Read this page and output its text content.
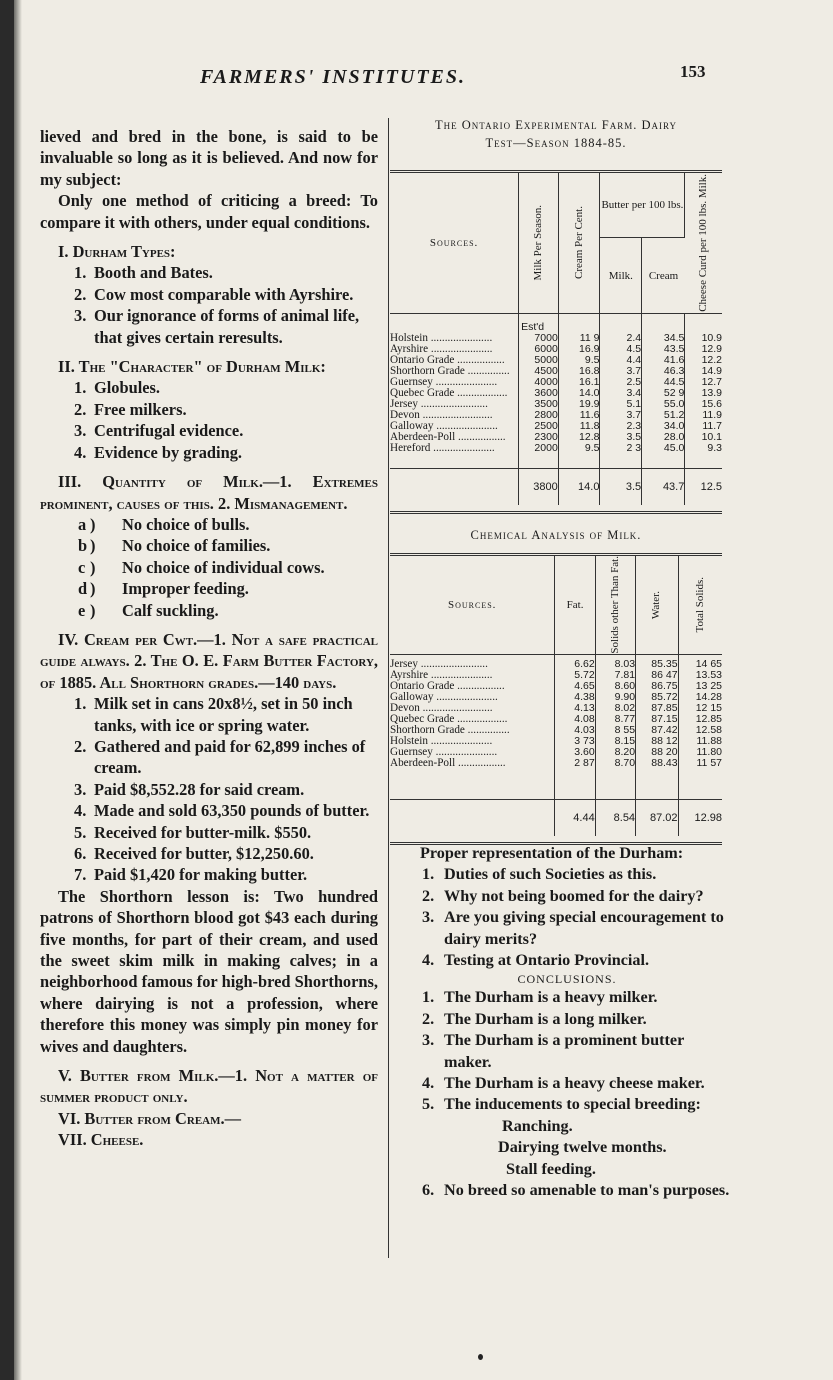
FARMERS' INSTITUTES.	153

lieved and bred in the bone, is said to be invaluable so long as it is believed. And now for my subject:

Only one method of criticing a breed: To compare it with others, under equal conditions.

I. Durham Types:

1. Booth and Bates.
2. Cow most comparable with Ayrshire.
3. Our ignorance of forms of animal life, that gives certain reresults.

II. The "Character" of Durham Milk:

1. Globules.
2. Free milkers.
3. Centrifugal evidence.
4. Evidence by grading.

III. Quantity of Milk.—1. Extremes prominent, causes of this. 2. Mismanagement.

a ) No choice of bulls.
b ) No choice of families.
c ) No choice of individual cows.
d ) Improper feeding.
e ) Calf suckling.

IV. Cream per Cwt.—1. Not a safe practical guide always. 2. The O. E. Farm Butter Factory, of 1885. All Shorthorn grades.—140 days.

1. Milk set in cans 20x8½, set in 50 inch tanks, with ice or spring water.
2. Gathered and paid for 62,899 inches of cream.
3. Paid $8,552.28 for said cream.
4. Made and sold 63,350 pounds of butter.
5. Received for butter-milk. $550.
6. Received for butter, $12,250.60.
7. Paid $1,420 for making butter.

The Shorthorn lesson is: Two hundred patrons of Shorthorn blood got $43 each during five months, for part of their cream, and used the sweet skim milk in making calves; in a neighborhood famous for high-bred Shorthorns, where dairying is not a profession, where therefore this money was simply pin money for wives and daughters.

V. Butter from Milk.—1. Not a matter of summer product only.

VI. Butter from Cream.—

VII. Cheese.

The Ontario Experimental Farm. Dairy
Test—Season 1884-85.
Sources.	Milk Per Season.	Cream Per Cent.	Butter per 100 lbs.		Cheese Curd per 100 lbs. Milk.

			Milk.	Cream	
	Est'd				
Holstein ......................	7000	11 9	2.4	34.5	10.9
Ayrshire ......................	6000	16.9	4.5	43.5	12.9
Ontario Grade .................	5000	9.5	4.4	41.6	12.2
Shorthorn Grade ...............	4500	16.8	3.7	46.3	14.9
Guernsey ......................	4000	16.1	2.5	44.5	12.7
Quebec Grade ..................	3600	14.0	3.4	52 9	13.9
Jersey ........................	3500	19.9	5.1	55.0	15.6
Devon .........................	2800	11.6	3.7	51.2	11.9
Galloway ......................	2500	11.8	2.3	34.0	11.7
Aberdeen-Poll .................	2300	12.8	3.5	28.0	10.1
Hereford ......................	2000	9.5	2 3	45.0	9.3

	3800	14.0	3.5	43.7	12.5

Chemical Analysis of Milk.
Sources.	Fat.	Solids other Than Fat.	Water.	Total Solids.

Jersey ........................	6.62	8.03	85.35	14 65
Ayrshire ......................	5.72	7.81	86 47	13.53
Ontario Grade .................	4.65	8.60	86.75	13 25
Galloway ......................	4.38	9.90	85.72	14.28
Devon .........................	4.13	8.02	87.85	12 15
Quebec Grade ..................	4.08	8.77	87.15	12.85
Shorthorn Grade ...............	4.03	8 55	87.42	12.58
Holstein ......................	3 73	8.15	88 12	11.88
Guernsey ......................	3.60	8.20	88 20	11.80
Aberdeen-Poll .................	2 87	8.70	88.43	11 57

	4.44	8.54	87.02	12.98

Proper representation of the Durham:

1. Duties of such Societies as this.
2. Why not being boomed for the dairy?
3. Are you giving special encouragement to dairy merits?
4. Testing at Ontario Provincial.

CONCLUSIONS.

1. The Durham is a heavy milker.
2. The Durham is a long milker.
3. The Durham is a prominent butter maker.
4. The Durham is a heavy cheese maker.
5. The inducements to special breeding:
Ranching.
Dairying twelve months.
Stall feeding.
6. No breed so amenable to man's purposes.
